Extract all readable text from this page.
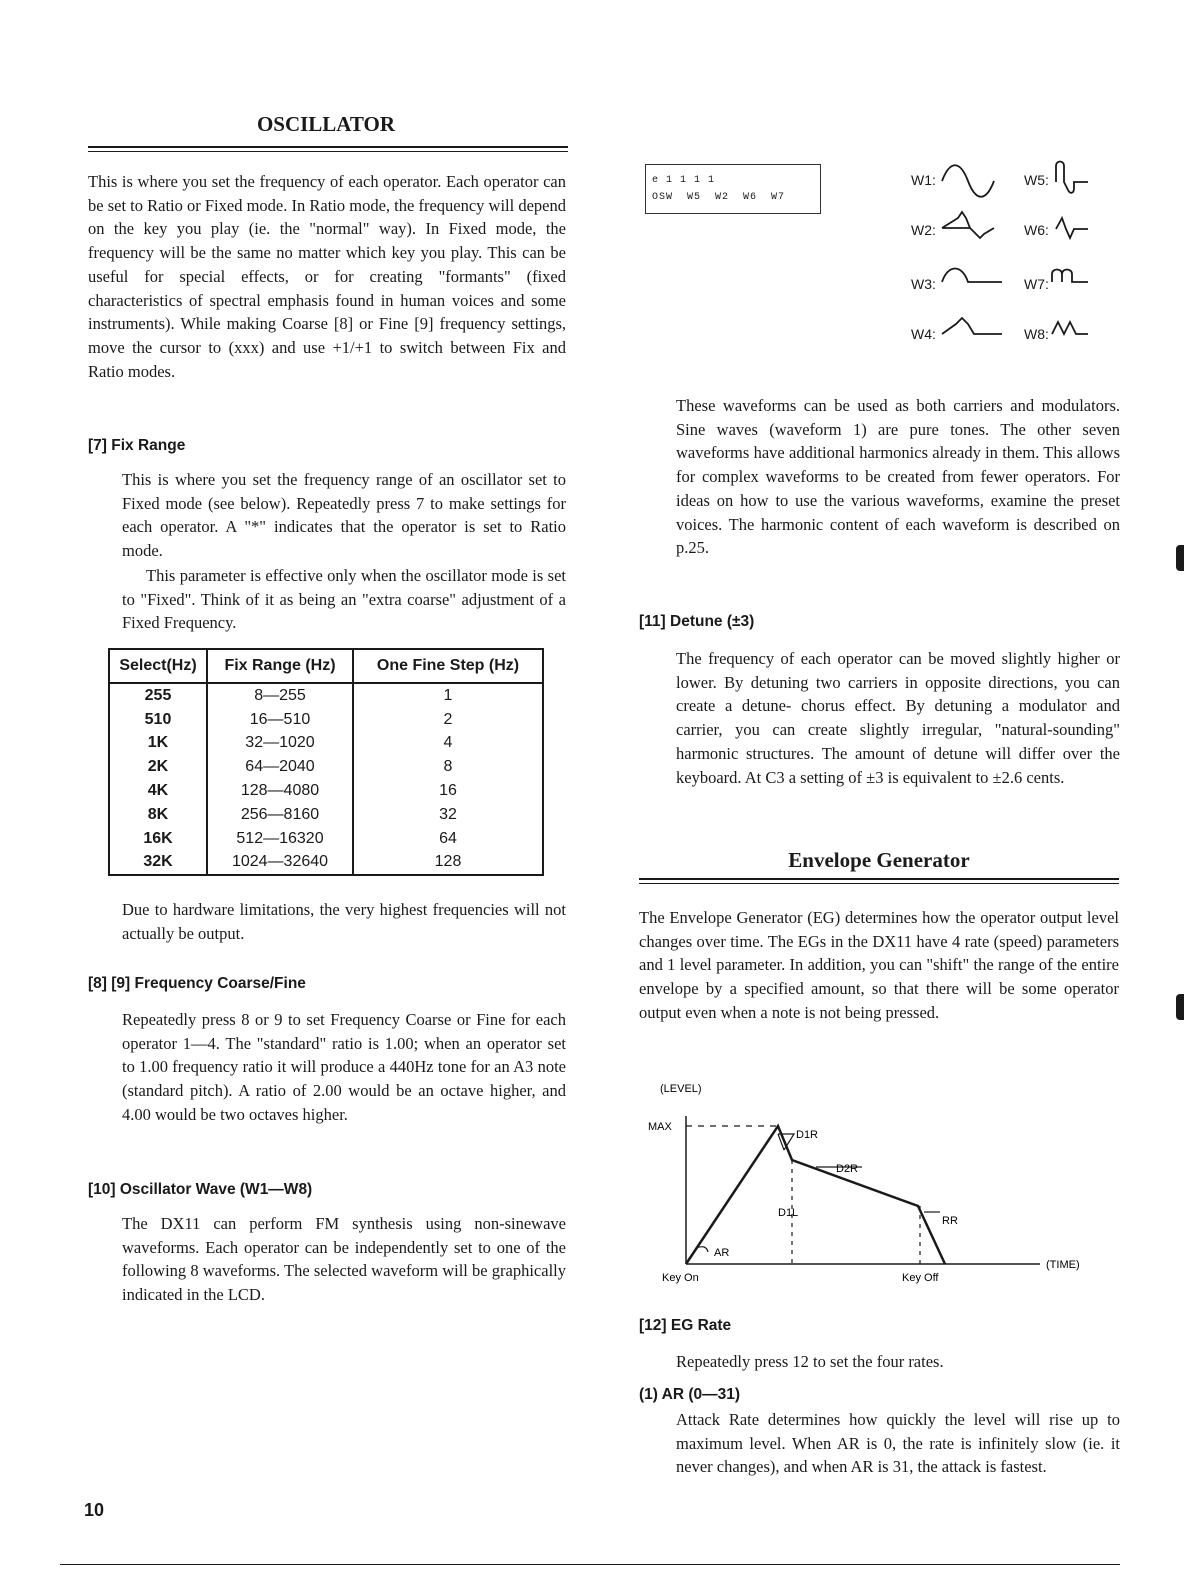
OSCILLATOR
This is where you set the frequency of each operator. Each operator can be set to Ratio or Fixed mode. In Ratio mode, the frequency will depend on the key you play (ie. the "normal" way). In Fixed mode, the frequency will be the same no matter which key you play. This can be useful for special effects, or for creating "formants" (fixed characteristics of spectral emphasis found in human voices and some instruments). While making Coarse [8] or Fine [9] frequency settings, move the cursor to (xxx) and use +1/+1 to switch between Fix and Ratio modes.
[7] Fix Range
This is where you set the frequency range of an oscillator set to Fixed mode (see below). Repeatedly press 7 to make settings for each operator. A "*" indicates that the operator is set to Ratio mode.
This parameter is effective only when the oscillator mode is set to "Fixed". Think of it as being an "extra coarse" adjustment of a Fixed Frequency.
Select(Hz)	Fix Range (Hz)	One Fine Step (Hz)
255	8—255	1
510	16—510	2
1K	32—1020	4
2K	64—2040	8
4K	128—4080	16
8K	256—8160	32
16K	512—16320	64
32K	1024—32640	128
Due to hardware limitations, the very highest frequencies will not actually be output.
[8] [9] Frequency Coarse/Fine
Repeatedly press 8 or 9 to set Frequency Coarse or Fine for each operator 1—4. The "standard" ratio is 1.00; when an operator set to 1.00 frequency ratio it will produce a 440Hz tone for an A3 note (standard pitch). A ratio of 2.00 would be an octave higher, and 4.00 would be two octaves higher.
[10] Oscillator Wave (W1—W8)
The DX11 can perform FM synthesis using non-sinewave waveforms. Each operator can be independently set to one of the following 8 waveforms. The selected waveform will be graphically indicated in the LCD.
10
e 1 1 1 1
OSW  W5  W2  W6  W7
W1:
W2:
W3:
W4:
W5:
W6:
W7:
W8:
These waveforms can be used as both carriers and modulators. Sine waves (waveform 1) are pure tones. The other seven waveforms have additional harmonics already in them. This allows for complex waveforms to be created from fewer operators. For ideas on how to use the various waveforms, examine the preset voices. The harmonic content of each waveform is described on p.25.
[11] Detune (±3)
The frequency of each operator can be moved slightly higher or lower. By detuning two carriers in opposite directions, you can create a detune- chorus effect. By detuning a modulator and carrier, you can create slightly irregular, "natural-sounding" harmonic structures. The amount of detune will differ over the keyboard. At C3 a setting of ±3 is equivalent to ±2.6 cents.
Envelope Generator
The Envelope Generator (EG) determines how the operator output level changes over time. The EGs in the DX11 have 4 rate (speed) parameters and 1 level parameter. In addition, you can "shift" the range of the entire envelope by a specified amount, so that there will be some operator output even when a note is not being pressed.
(LEVEL)
MAX
D1R
D2R
D1L
RR
AR
Key On	Key Off
(TIME)
[12] EG Rate
Repeatedly press 12 to set the four rates.
(1) AR (0—31)
Attack Rate determines how quickly the level will rise up to maximum level. When AR is 0, the rate is infinitely slow (ie. it never changes), and when AR is 31, the attack is fastest.
